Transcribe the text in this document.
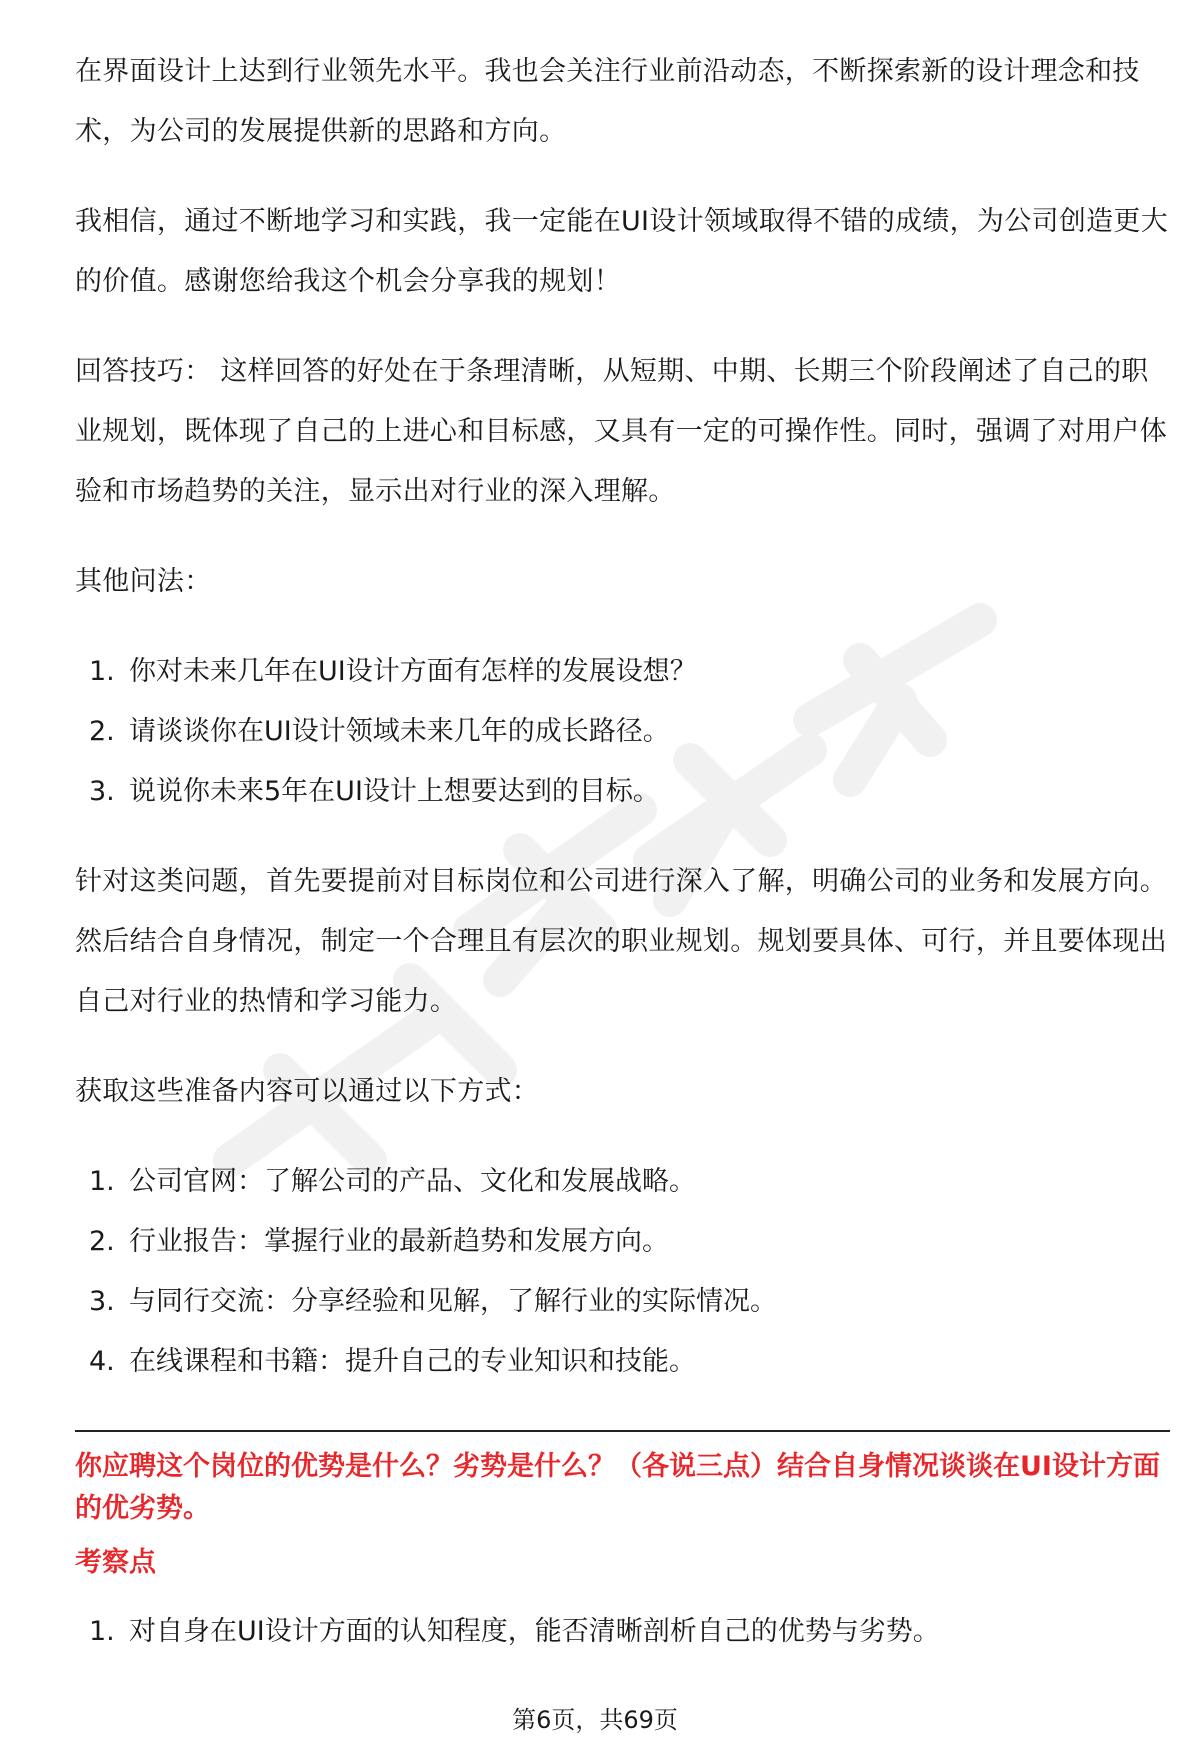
在界面设计上达到行业领先水平。我也会关注行业前沿动态，不断探索新的设计理念和技术，为公司的发展提供新的思路和方向。

我相信，通过不断地学习和实践，我一定能在UI设计领域取得不错的成绩，为公司创造更大的价值。感谢您给我这个机会分享我的规划！

回答技巧： 这样回答的好处在于条理清晰，从短期、中期、长期三个阶段阐述了自己的职业规划，既体现了自己的上进心和目标感，又具有一定的可操作性。同时，强调了对用户体验和市场趋势的关注，显示出对行业的深入理解。

其他问法：

1. 你对未来几年在UI设计方面有怎样的发展设想？
2. 请谈谈你在UI设计领域未来几年的成长路径。
3. 说说你未来5年在UI设计上想要达到的目标。

针对这类问题，首先要提前对目标岗位和公司进行深入了解，明确公司的业务和发展方向。然后结合自身情况，制定一个合理且有层次的职业规划。规划要具体、可行，并且要体现出自己对行业的热情和学习能力。

获取这些准备内容可以通过以下方式：

1. 公司官网：了解公司的产品、文化和发展战略。
2. 行业报告：掌握行业的最新趋势和发展方向。
3. 与同行交流：分享经验和见解，了解行业的实际情况。
4. 在线课程和书籍：提升自己的专业知识和技能。

你应聘这个岗位的优势是什么？劣势是什么？（各说三点）结合自身情况谈谈在UI设计方面的优劣势。

考察点

1. 对自身在UI设计方面的认知程度，能否清晰剖析自己的优势与劣势。
第6页，共69页
